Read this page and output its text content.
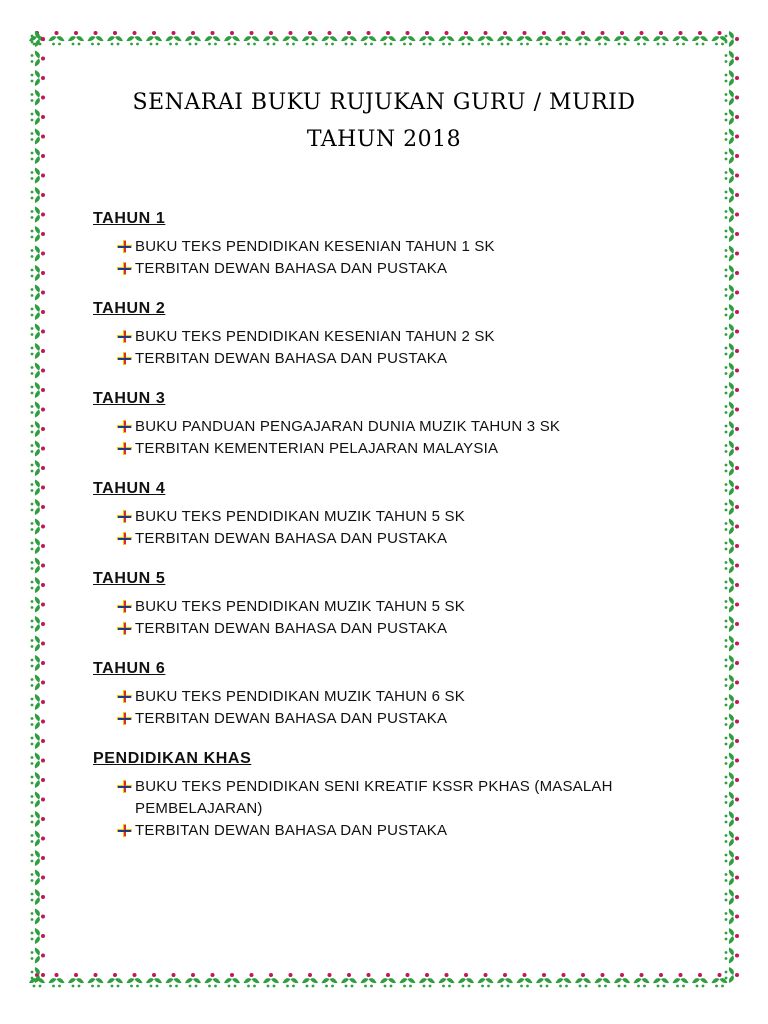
SENARAI BUKU RUJUKAN GURU / MURID
TAHUN 2018
TAHUN 1
BUKU TEKS PENDIDIKAN KESENIAN TAHUN 1 SK
TERBITAN DEWAN BAHASA DAN PUSTAKA
TAHUN 2
BUKU TEKS PENDIDIKAN KESENIAN TAHUN 2 SK
TERBITAN DEWAN BAHASA DAN PUSTAKA
TAHUN 3
BUKU PANDUAN PENGAJARAN DUNIA MUZIK TAHUN 3 SK
TERBITAN KEMENTERIAN PELAJARAN MALAYSIA
TAHUN 4
BUKU TEKS PENDIDIKAN MUZIK TAHUN 5 SK
TERBITAN DEWAN BAHASA DAN PUSTAKA
TAHUN 5
BUKU TEKS PENDIDIKAN MUZIK TAHUN 5 SK
TERBITAN DEWAN BAHASA DAN PUSTAKA
TAHUN 6
BUKU TEKS PENDIDIKAN MUZIK TAHUN 6 SK
TERBITAN DEWAN BAHASA DAN PUSTAKA
PENDIDIKAN KHAS
BUKU TEKS PENDIDIKAN SENI KREATIF KSSR PKHAS (MASALAH PEMBELAJARAN)
TERBITAN DEWAN BAHASA DAN PUSTAKA
